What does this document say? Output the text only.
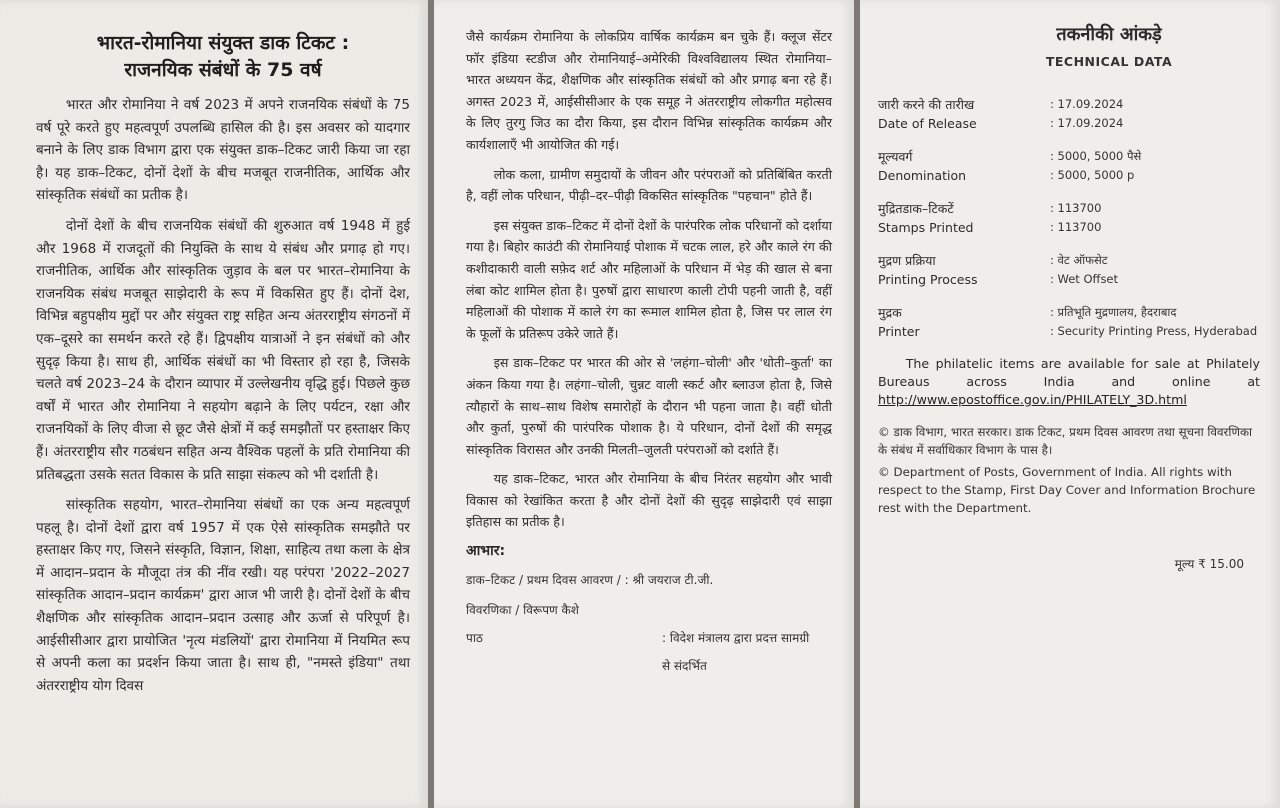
भारत-रोमानिया संयुक्त डाक टिकट :
राजनयिक संबंधों के 75 वर्ष

भारत और रोमानिया ने वर्ष 2023 में अपने राजनयिक संबंधों के 75 वर्ष पूरे करते हुए महत्वपूर्ण उपलब्धि हासिल की है। इस अवसर को यादगार बनाने के लिए डाक विभाग द्वारा एक संयुक्त डाक–टिकट जारी किया जा रहा है। यह डाक–टिकट, दोनों देशों के बीच मजबूत राजनीतिक, आर्थिक और सांस्कृतिक संबंधों का प्रतीक है।

दोनों देशों के बीच राजनयिक संबंधों की शुरुआत वर्ष 1948 में हुई और 1968 में राजदूतों की नियुक्ति के साथ ये संबंध और प्रगाढ़ हो गए। राजनीतिक, आर्थिक और सांस्कृतिक जुड़ाव के बल पर भारत–रोमानिया के राजनयिक संबंध मजबूत साझेदारी के रूप में विकसित हुए हैं। दोनों देश, विभिन्न बहुपक्षीय मुद्दों पर और संयुक्त राष्ट्र सहित अन्य अंतरराष्ट्रीय संगठनों में एक–दूसरे का समर्थन करते रहे हैं। द्विपक्षीय यात्राओं ने इन संबंधों को और सुदृढ़ किया है। साथ ही, आर्थिक संबंधों का भी विस्तार हो रहा है, जिसके चलते वर्ष 2023–24 के दौरान व्यापार में उल्लेखनीय वृद्धि हुई। पिछले कुछ वर्षों में भारत और रोमानिया ने सहयोग बढ़ाने के लिए पर्यटन, रक्षा और राजनयिकों के लिए वीजा से छूट जैसे क्षेत्रों में कई समझौतों पर हस्ताक्षर किए हैं। अंतरराष्ट्रीय सौर गठबंधन सहित अन्य वैश्विक पहलों के प्रति रोमानिया की प्रतिबद्धता उसके सतत विकास के प्रति साझा संकल्प को भी दर्शाती है।

सांस्कृतिक सहयोग, भारत–रोमानिया संबंधों का एक अन्य महत्वपूर्ण पहलू है। दोनों देशों द्वारा वर्ष 1957 में एक ऐसे सांस्कृतिक समझौते पर हस्ताक्षर किए गए, जिसने संस्कृति, विज्ञान, शिक्षा, साहित्य तथा कला के क्षेत्र में आदान–प्रदान के मौजूदा तंत्र की नींव रखी। यह परंपरा '2022–2027 सांस्कृतिक आदान–प्रदान कार्यक्रम' द्वारा आज भी जारी है। दोनों देशों के बीच शैक्षणिक और सांस्कृतिक आदान–प्रदान उत्साह और ऊर्जा से परिपूर्ण है। आईसीसीआर द्वारा प्रायोजित 'नृत्य मंडलियों' द्वारा रोमानिया में नियमित रूप से अपनी कला का प्रदर्शन किया जाता है। साथ ही, "नमस्ते इंडिया" तथा अंतरराष्ट्रीय योग दिवस

जैसे कार्यक्रम रोमानिया के लोकप्रिय वार्षिक कार्यक्रम बन चुके हैं। क्लूज सेंटर फॉर इंडिया स्टडीज और रोमानियाई–अमेरिकी विश्वविद्यालय स्थित रोमानिया–भारत अध्ययन केंद्र, शैक्षणिक और सांस्कृतिक संबंधों को और प्रगाढ़ बना रहे हैं। अगस्त 2023 में, आईसीसीआर के एक समूह ने अंतरराष्ट्रीय लोकगीत महोत्सव के लिए तुरगु जिउ का दौरा किया, इस दौरान विभिन्न सांस्कृतिक कार्यक्रम और कार्यशालाएँ भी आयोजित की गई।

लोक कला, ग्रामीण समुदायों के जीवन और परंपराओं को प्रतिबिंबित करती है, वहीं लोक परिधान, पीढ़ी–दर–पीढ़ी विकसित सांस्कृतिक "पहचान" होते हैं।

इस संयुक्त डाक–टिकट में दोनों देशों के पारंपरिक लोक परिधानों को दर्शाया गया है। बिहोर काउंटी की रोमानियाई पोशाक में चटक लाल, हरे और काले रंग की कशीदाकारी वाली सफ़ेद शर्ट और महिलाओं के परिधान में भेड़ की खाल से बना लंबा कोट शामिल होता है। पुरुषों द्वारा साधारण काली टोपी पहनी जाती है, वहीं महिलाओं की पोशाक में काले रंग का रूमाल शामिल होता है, जिस पर लाल रंग के फूलों के प्रतिरूप उकेरे जाते हैं।

इस डाक–टिकट पर भारत की ओर से 'लहंगा–चोली' और 'धोती–कुर्ता' का अंकन किया गया है। लहंगा–चोली, चुन्नट वाली स्कर्ट और ब्लाउज होता है, जिसे त्यौहारों के साथ–साथ विशेष समारोहों के दौरान भी पहना जाता है। वहीं धोती और कुर्ता, पुरुषों की पारंपरिक पोशाक है। ये परिधान, दोनों देशों की समृद्ध सांस्कृतिक विरासत और उनकी मिलती–जुलती परंपराओं को दर्शाते हैं।

यह डाक–टिकट, भारत और रोमानिया के बीच निरंतर सहयोग और भावी विकास को रेखांकित करता है और दोनों देशों की सुदृढ़ साझेदारी एवं साझा इतिहास का प्रतीक है।

आभार:
डाक–टिकट / प्रथम दिवस आवरण / : श्री जयराज टी.जी.
विवरणिका / विरूपण कैशे
पाठ	: विदेश मंत्रालय द्वारा प्रदत्त सामग्री
से संदर्भित
तकनीकी आंकड़े
TECHNICAL DATA
जारी करने की तारीख
Date of Release
: 17.09.2024
: 17.09.2024
मूल्यवर्ग
Denomination
: 5000, 5000 पैसे
: 5000, 5000 p
मुद्रितडाक–टिकटें
Stamps Printed
: 113700
: 113700
मुद्रण प्रक्रिया
Printing Process
: वेट ऑफसेट
: Wet Offset
मुद्रक
Printer
: प्रतिभूति मुद्रणालय, हैदराबाद
: Security Printing Press, Hyderabad

The philatelic items are available for sale at Philately Bureaus across India and online at http://www.epostoffice.gov.in/PHILATELY_3D.html

© डाक विभाग, भारत सरकार। डाक टिकट, प्रथम दिवस आवरण तथा सूचना विवरणिका के संबंध में सर्वाधिकार विभाग के पास है।

© Department of Posts, Government of India. All rights with respect to the Stamp, First Day Cover and Information Brochure rest with the Department.

मूल्य ₹ 15.00
